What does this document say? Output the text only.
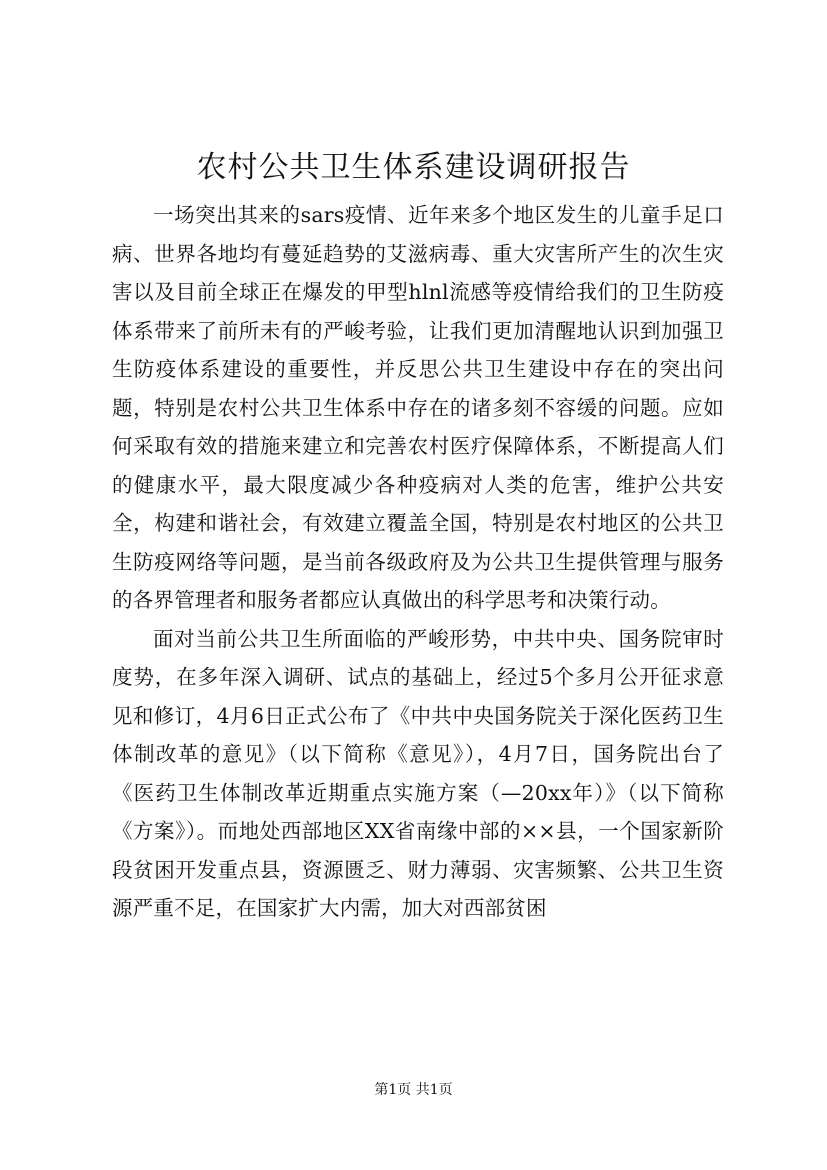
农村公共卫生体系建设调研报告

一场突出其来的sars疫情、近年来多个地区发生的儿童手足口病、世界各地均有蔓延趋势的艾滋病毒、重大灾害所产生的次生灾害以及目前全球正在爆发的甲型hlnl流感等疫情给我们的卫生防疫体系带来了前所未有的严峻考验，让我们更加清醒地认识到加强卫生防疫体系建设的重要性，并反思公共卫生建设中存在的突出问题，特别是农村公共卫生体系中存在的诸多刻不容缓的问题。应如何采取有效的措施来建立和完善农村医疗保障体系，不断提高人们的健康水平，最大限度减少各种疫病对人类的危害，维护公共安全，构建和谐社会，有效建立覆盖全国，特别是农村地区的公共卫生防疫网络等问题，是当前各级政府及为公共卫生提供管理与服务的各界管理者和服务者都应认真做出的科学思考和决策行动。

面对当前公共卫生所面临的严峻形势，中共中央、国务院审时度势，在多年深入调研、试点的基础上，经过5个多月公开征求意见和修订，4月6日正式公布了《中共中央国务院关于深化医药卫生体制改革的意见》（以下简称《意见》），4月7日，国务院出台了《医药卫生体制改革近期重点实施方案（—20xx年）》（以下简称《方案》）。而地处西部地区XX省南缘中部的××县，一个国家新阶段贫困开发重点县，资源匮乏、财力薄弱、灾害频繁、公共卫生资源严重不足，在国家扩大内需，加大对西部贫困

第1页 共1页
